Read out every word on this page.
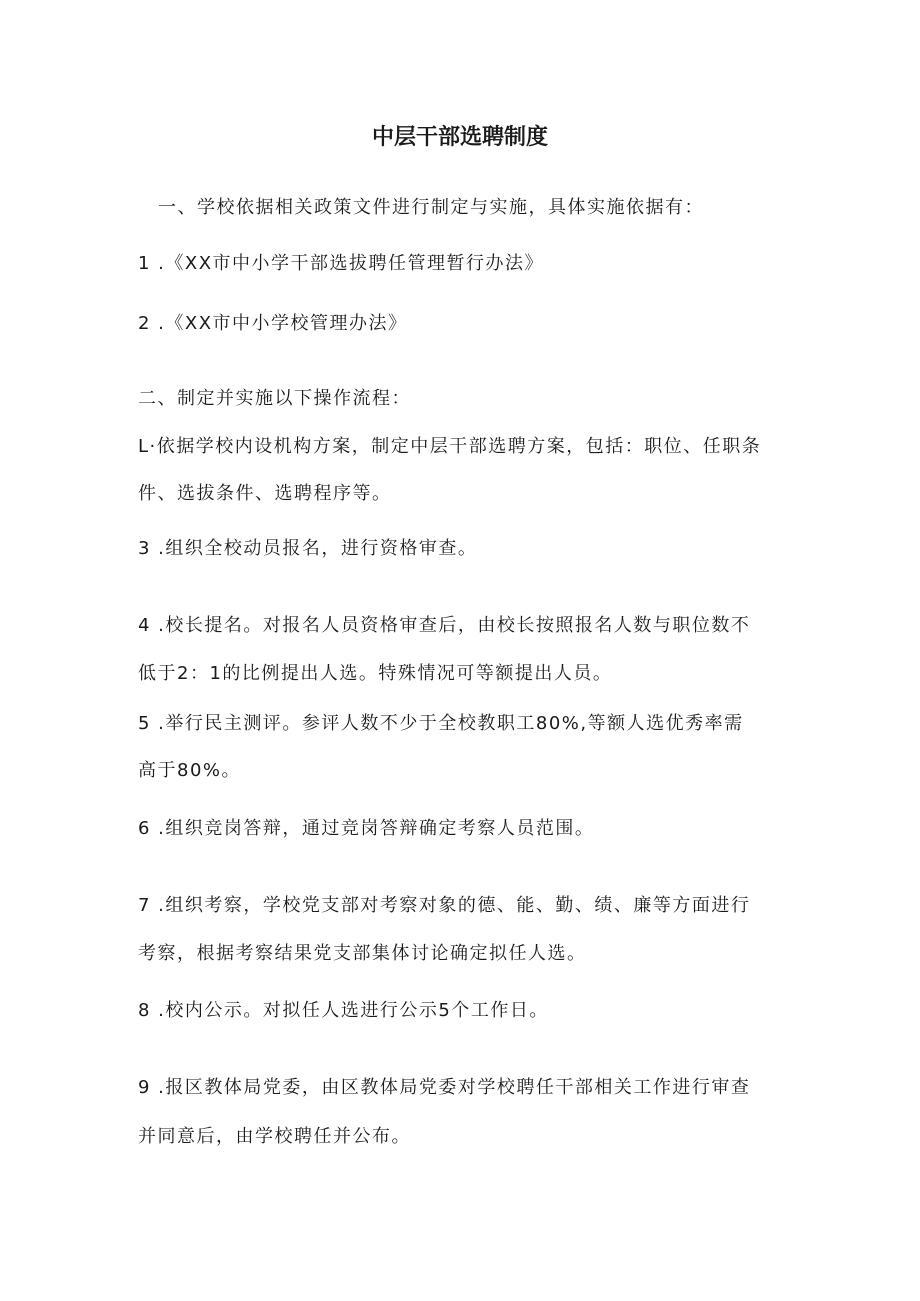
中层干部选聘制度
一、学校依据相关政策文件进行制定与实施，具体实施依据有：
1 .《XX市中小学干部选拔聘任管理暂行办法》
2 .《XX市中小学校管理办法》
二、制定并实施以下操作流程：
L·依据学校内设机构方案，制定中层干部选聘方案，包括：职位、任职条
件、选拔条件、选聘程序等。
3 .组织全校动员报名，进行资格审查。
4 .校长提名。对报名人员资格审查后，由校长按照报名人数与职位数不
低于2：1的比例提出人选。特殊情况可等额提出人员。
5 .举行民主测评。参评人数不少于全校教职工80%,等额人选优秀率需
高于80%。
6 .组织竞岗答辩，通过竞岗答辩确定考察人员范围。
7 .组织考察，学校党支部对考察对象的德、能、勤、绩、廉等方面进行
考察，根据考察结果党支部集体讨论确定拟任人选。
8 .校内公示。对拟任人选进行公示5个工作日。
9 .报区教体局党委，由区教体局党委对学校聘任干部相关工作进行审查
并同意后，由学校聘任并公布。
